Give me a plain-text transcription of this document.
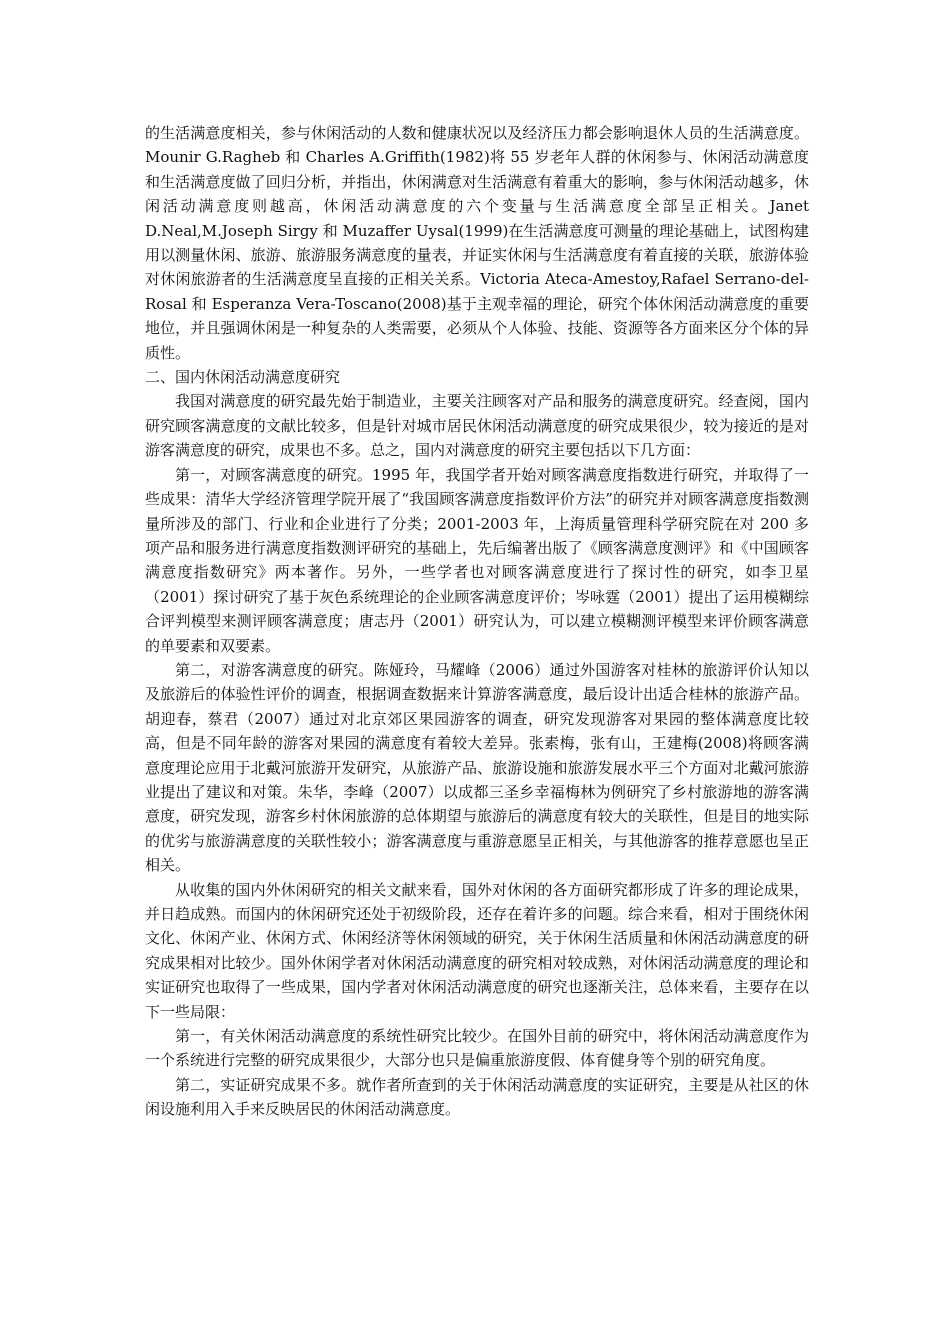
的生活满意度相关，参与休闲活动的人数和健康状况以及经济压力都会影响退休人员的生活满意度。Mounir G.Ragheb 和 Charles A.Griffith(1982)将 55 岁老年人群的休闲参与、休闲活动满意度和生活满意度做了回归分析，并指出，休闲满意对生活满意有着重大的影响，参与休闲活动越多，休闲活动满意度则越高，休闲活动满意度的六个变量与生活满意度全部呈正相关。Janet D.Neal,M.Joseph Sirgy 和 Muzaffer Uysal(1999)在生活满意度可测量的理论基础上，试图构建用以测量休闲、旅游、旅游服务满意度的量表，并证实休闲与生活满意度有着直接的关联，旅游体验对休闲旅游者的生活满意度呈直接的正相关关系。Victoria Ateca-Amestoy,Rafael Serrano-del-Rosal 和 Esperanza Vera-Toscano(2008)基于主观幸福的理论，研究个体休闲活动满意度的重要地位，并且强调休闲是一种复杂的人类需要，必须从个人体验、技能、资源等各方面来区分个体的异质性。

二、国内休闲活动满意度研究

我国对满意度的研究最先始于制造业，主要关注顾客对产品和服务的满意度研究。经查阅，国内研究顾客满意度的文献比较多，但是针对城市居民休闲活动满意度的研究成果很少，较为接近的是对游客满意度的研究，成果也不多。总之，国内对满意度的研究主要包括以下几方面：

第一，对顾客满意度的研究。1995 年，我国学者开始对顾客满意度指数进行研究，并取得了一些成果：清华大学经济管理学院开展了“我国顾客满意度指数评价方法”的研究并对顾客满意度指数测量所涉及的部门、行业和企业进行了分类；2001-2003 年，上海质量管理科学研究院在对 200 多项产品和服务进行满意度指数测评研究的基础上，先后编著出版了《顾客满意度测评》和《中国顾客满意度指数研究》两本著作。另外，一些学者也对顾客满意度进行了探讨性的研究，如李卫星（2001）探讨研究了基于灰色系统理论的企业顾客满意度评价；岑咏霆（2001）提出了运用模糊综合评判模型来测评顾客满意度；唐志丹（2001）研究认为，可以建立模糊测评模型来评价顾客满意的单要素和双要素。

第二，对游客满意度的研究。陈娅玲，马耀峰（2006）通过外国游客对桂林的旅游评价认知以及旅游后的体验性评价的调查，根据调查数据来计算游客满意度，最后设计出适合桂林的旅游产品。胡迎春，蔡君（2007）通过对北京郊区果园游客的调查，研究发现游客对果园的整体满意度比较高，但是不同年龄的游客对果园的满意度有着较大差异。张素梅，张有山，王建梅(2008)将顾客满意度理论应用于北戴河旅游开发研究，从旅游产品、旅游设施和旅游发展水平三个方面对北戴河旅游业提出了建议和对策。朱华，李峰（2007）以成都三圣乡幸福梅林为例研究了乡村旅游地的游客满意度，研究发现，游客乡村休闲旅游的总体期望与旅游后的满意度有较大的关联性，但是目的地实际的优劣与旅游满意度的关联性较小；游客满意度与重游意愿呈正相关，与其他游客的推荐意愿也呈正相关。

从收集的国内外休闲研究的相关文献来看，国外对休闲的各方面研究都形成了许多的理论成果，并日趋成熟。而国内的休闲研究还处于初级阶段，还存在着许多的问题。综合来看，相对于围绕休闲文化、休闲产业、休闲方式、休闲经济等休闲领域的研究，关于休闲生活质量和休闲活动满意度的研究成果相对比较少。国外休闲学者对休闲活动满意度的研究相对较成熟，对休闲活动满意度的理论和实证研究也取得了一些成果，国内学者对休闲活动满意度的研究也逐渐关注，总体来看，主要存在以下一些局限：

第一，有关休闲活动满意度的系统性研究比较少。在国外目前的研究中，将休闲活动满意度作为一个系统进行完整的研究成果很少，大部分也只是偏重旅游度假、体育健身等个别的研究角度。

第二，实证研究成果不多。就作者所查到的关于休闲活动满意度的实证研究，主要是从社区的休闲设施利用入手来反映居民的休闲活动满意度。
